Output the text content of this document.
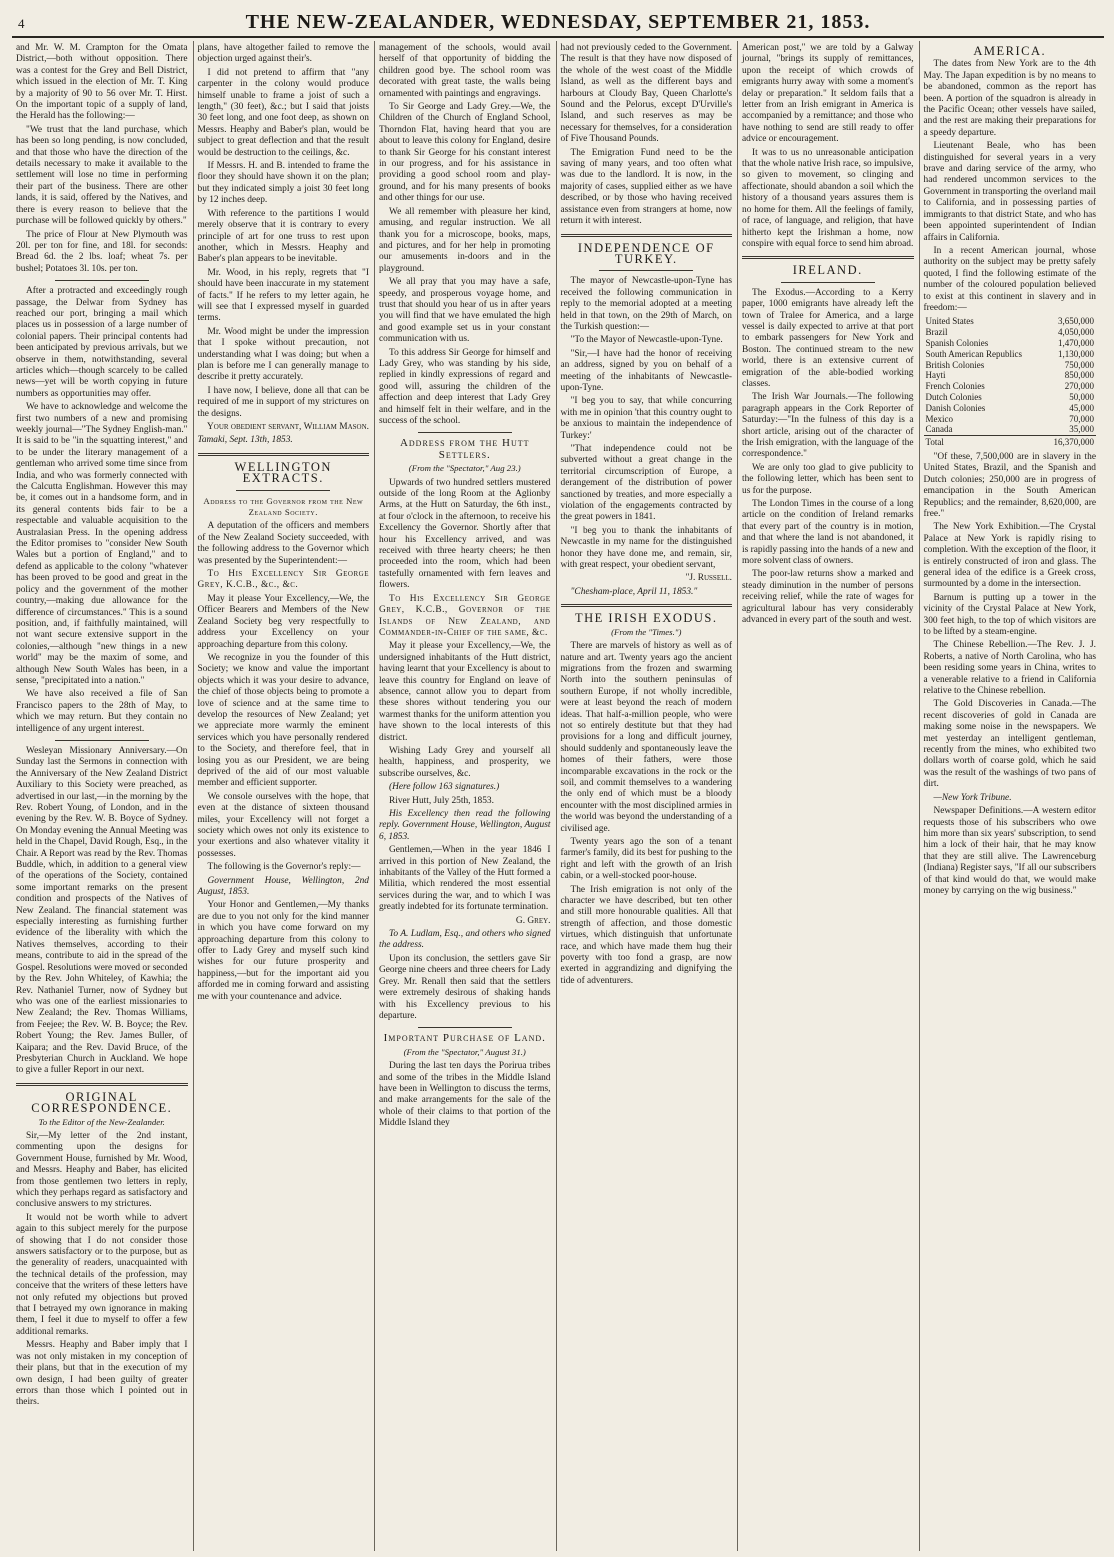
4	THE NEW-ZEALANDER, WEDNESDAY, SEPTEMBER 21, 1853.

and Mr. W. M. Crampton for the Omata District,—both without opposition. There was a contest for the Grey and Bell District, which issued in the election of Mr. T. King by a majority of 90 to 56 over Mr. T. Hirst. On the important topic of a supply of land, the Herald has the following:—

"We trust that the land purchase, which has been so long pending, is now concluded, and that those who have the direction of the details necessary to make it available to the settlement will lose no time in performing their part of the business. There are other lands, it is said, offered by the Natives, and there is every reason to believe that the purchase will be followed quickly by others."

The price of Flour at New Plymouth was 20l. per ton for fine, and 18l. for seconds: Bread 6d. the 2 lbs. loaf; wheat 7s. per bushel; Potatoes 3l. 10s. per ton.

After a protracted and exceedingly rough passage, the Delwar from Sydney has reached our port, bringing a mail which places us in possession of a large number of colonial papers. Their principal contents had been anticipated by previous arrivals, but we observe in them, notwithstanding, several articles which—though scarcely to be called news—yet will be worth copying in future numbers as opportunities may offer.

We have to acknowledge and welcome the first two numbers of a new and promising weekly journal—"The Sydney English-man." It is said to be "in the squatting interest," and to be under the literary management of a gentleman who arrived some time since from India, and who was formerly connected with the Calcutta Englishman. However this may be, it comes out in a handsome form, and in its general contents bids fair to be a respectable and valuable acquisition to the Australasian Press. In the opening address the Editor promises to "consider New South Wales but a portion of England," and to defend as applicable to the colony "whatever has been proved to be good and great in the policy and the government of the mother country,—making due allowance for the difference of circumstances." This is a sound position, and, if faithfully maintained, will not want secure extensive support in the colonies,—although "new things in a new world" may be the maxim of some, and although New South Wales has been, in a sense, "precipitated into a nation."

We have also received a file of San Francisco papers to the 28th of May, to which we may return. But they contain no intelligence of any urgent interest.

Wesleyan Missionary Anniversary.—On Sunday last the Sermons in connection with the Anniversary of the New Zealand District Auxiliary to this Society were preached, as advertised in our last,—in the morning by the Rev. Robert Young, of London, and in the evening by the Rev. W. B. Boyce of Sydney. On Monday evening the Annual Meeting was held in the Chapel, David Rough, Esq., in the Chair. A Report was read by the Rev. Thomas Buddle, which, in addition to a general view of the operations of the Society, contained some important remarks on the present condition and prospects of the Natives of New Zealand. The financial statement was especially interesting as furnishing further evidence of the liberality with which the Natives themselves, according to their means, contribute to aid in the spread of the Gospel. Resolutions were moved or seconded by the Rev. John Whiteley, of Kawhia; the Rev. Nathaniel Turner, now of Sydney but who was one of the earliest missionaries to New Zealand; the Rev. Thomas Williams, from Feejee; the Rev. W. B. Boyce; the Rev. Robert Young; the Rev. James Buller, of Kaipara; and the Rev. David Bruce, of the Presbyterian Church in Auckland. We hope to give a fuller Report in our next.

ORIGINAL CORRESPONDENCE.
To the Editor of the New-Zealander.

Sir,—My letter of the 2nd instant, commenting upon the designs for Government House, furnished by Mr. Wood, and Messrs. Heaphy and Baber, has elicited from those gentlemen two letters in reply, which they perhaps regard as satisfactory and conclusive answers to my strictures.

It would not be worth while to advert again to this subject merely for the purpose of showing that I do not consider those answers satisfactory or to the purpose, but as the generality of readers, unacquainted with the technical details of the profession, may conceive that the writers of these letters have not only refuted my objections but proved that I betrayed my own ignorance in making them, I feel it due to myself to offer a few additional remarks.

Messrs. Heaphy and Baber imply that I was not only mistaken in my conception of their plans, but that in the execution of my own design, I had been guilty of greater errors than those which I pointed out in theirs.

plans, have altogether failed to remove the objection urged against their's.

I did not pretend to affirm that "any carpenter in the colony would produce himself unable to frame a joist of such a length," (30 feet), &c.; but I said that joists 30 feet long, and one foot deep, as shown on Messrs. Heaphy and Baber's plan, would be subject to great deflection and that the result would be destruction to the ceilings, &c.

If Messrs. H. and B. intended to frame the floor they should have shown it on the plan; but they indicated simply a joist 30 feet long by 12 inches deep.

With reference to the partitions I would merely observe that it is contrary to every principle of art for one truss to rest upon another, which in Messrs. Heaphy and Baber's plan appears to be inevitable.

Mr. Wood, in his reply, regrets that "I should have been inaccurate in my statement of facts." If he refers to my letter again, he will see that I expressed myself in guarded terms.

Mr. Wood might be under the impression that I spoke without precaution, not understanding what I was doing; but when a plan is before me I can generally manage to describe it pretty accurately.

I have now, I believe, done all that can be required of me in support of my strictures on the designs.

Your obedient servant, William Mason.

Tamaki, Sept. 13th, 1853.

WELLINGTON EXTRACTS.
Address to the Governor from the New Zealand Society.

A deputation of the officers and members of the New Zealand Society succeeded, with the following address to the Governor which was presented by the Superintendent:—

To His Excellency Sir George Grey, K.C.B., &c., &c.

May it please Your Excellency,—We, the Officer Bearers and Members of the New Zealand Society beg very respectfully to address your Excellency on your approaching departure from this colony.

We recognize in you the founder of this Society; we know and value the important objects which it was your desire to advance, the chief of those objects being to promote a love of science and at the same time to develop the resources of New Zealand; yet we appreciate more warmly the eminent services which you have personally rendered to the Society, and therefore feel, that in losing you as our President, we are being deprived of the aid of our most valuable member and efficient supporter.

We console ourselves with the hope, that even at the distance of sixteen thousand miles, your Excellency will not forget a society which owes not only its existence to your exertions and also whatever vitality it possesses.

The following is the Governor's reply:—

Government House, Wellington, 2nd August, 1853.

Your Honor and Gentlemen,—My thanks are due to you not only for the kind manner in which you have come forward on my approaching departure from this colony to offer to Lady Grey and myself such kind wishes for our future prosperity and happiness,—but for the important aid you afforded me in coming forward and assisting me with your countenance and advice.

management of the schools, would avail herself of that opportunity of bidding the children good bye. The school room was decorated with great taste, the walls being ornamented with paintings and engravings.

To Sir George and Lady Grey.—We, the Children of the Church of England School, Thorndon Flat, having heard that you are about to leave this colony for England, desire to thank Sir George for his constant interest in our progress, and for his assistance in providing a good school room and play-ground, and for his many presents of books and other things for our use.

We all remember with pleasure her kind, amusing, and regular instruction. We all thank you for a microscope, books, maps, and pictures, and for her help in promoting our amusements in-doors and in the playground.

We all pray that you may have a safe, speedy, and prosperous voyage home, and trust that should you hear of us in after years you will find that we have emulated the high and good example set us in your constant communication with us.

To this address Sir George for himself and Lady Grey, who was standing by his side, replied in kindly expressions of regard and good will, assuring the children of the affection and deep interest that Lady Grey and himself felt in their welfare, and in the success of the school.

Address from the Hutt Settlers.
(From the "Spectator," Aug 23.)

Upwards of two hundred settlers mustered outside of the long Room at the Aglionby Arms, at the Hutt on Saturday, the 6th inst., at four o'clock in the afternoon, to receive his Excellency the Governor. Shortly after that hour his Excellency arrived, and was received with three hearty cheers; he then proceeded into the room, which had been tastefully ornamented with fern leaves and flowers.

To His Excellency Sir George Grey, K.C.B., Governor of the Islands of New Zealand, and Commander-in-Chief of the same, &c.

May it please your Excellency,—We, the undersigned inhabitants of the Hutt district, having learnt that your Excellency is about to leave this country for England on leave of absence, cannot allow you to depart from these shores without tendering you our warmest thanks for the uniform attention you have shown to the local interests of this district.

Wishing Lady Grey and yourself all health, happiness, and prosperity, we subscribe ourselves, &c.

(Here follow 163 signatures.)

River Hutt, July 25th, 1853.

His Excellency then read the following reply. Government House, Wellington, August 6, 1853.

Gentlemen,—When in the year 1846 I arrived in this portion of New Zealand, the inhabitants of the Valley of the Hutt formed a Militia, which rendered the most essential services during the war, and to which I was greatly indebted for its fortunate termination.

G. Grey.

To A. Ludlam, Esq., and others who signed the address.

Upon its conclusion, the settlers gave Sir George nine cheers and three cheers for Lady Grey. Mr. Renall then said that the settlers were extremely desirous of shaking hands with his Excellency previous to his departure.

Important Purchase of Land.
(From the "Spectator," August 31.)

During the last ten days the Porirua tribes and some of the tribes in the Middle Island have been in Wellington to discuss the terms, and make arrangements for the sale of the whole of their claims to that portion of the Middle Island they

had not previously ceded to the Government. The result is that they have now disposed of the whole of the west coast of the Middle Island, as well as the different bays and harbours at Cloudy Bay, Queen Charlotte's Sound and the Pelorus, except D'Urville's Island, and such reserves as may be necessary for themselves, for a consideration of Five Thousand Pounds.

The Emigration Fund need to be the saving of many years, and too often what was due to the landlord. It is now, in the majority of cases, supplied either as we have described, or by those who having received assistance even from strangers at home, now return it with interest.

INDEPENDENCE OF TURKEY.

The mayor of Newcastle-upon-Tyne has received the following communication in reply to the memorial adopted at a meeting held in that town, on the 29th of March, on the Turkish question:—

"To the Mayor of Newcastle-upon-Tyne.

"Sir,—I have had the honor of receiving an address, signed by you on behalf of a meeting of the inhabitants of Newcastle-upon-Tyne.

"I beg you to say, that while concurring with me in opinion 'that this country ought to be anxious to maintain the independence of Turkey:'

"That independence could not be subverted without a great change in the territorial circumscription of Europe, a derangement of the distribution of power sanctioned by treaties, and more especially a violation of the engagements contracted by the great powers in 1841.

"I beg you to thank the inhabitants of Newcastle in my name for the distinguished honor they have done me, and remain, sir, with great respect, your obedient servant,

"J. Russell.

"Chesham-place, April 11, 1853."

THE IRISH EXODUS.
(From the "Times.")

There are marvels of history as well as of nature and art. Twenty years ago the ancient migrations from the frozen and swarming North into the southern peninsulas of southern Europe, if not wholly incredible, were at least beyond the reach of modern ideas. That half-a-million people, who were not so entirely destitute but that they had provisions for a long and difficult journey, should suddenly and spontaneously leave the homes of their fathers, were those incomparable excavations in the rock or the soil, and commit themselves to a wandering the only end of which must be a bloody encounter with the most disciplined armies in the world was beyond the understanding of a civilised age.

Twenty years ago the son of a tenant farmer's family, did its best for pushing to the right and left with the growth of an Irish cabin, or a well-stocked poor-house.

The Irish emigration is not only of the character we have described, but ten other and still more honourable qualities. All that strength of affection, and those domestic virtues, which distinguish that unfortunate race, and which have made them hug their poverty with too fond a grasp, are now exerted in aggrandizing and dignifying the tide of adventurers.

American post," we are told by a Galway journal, "brings its supply of remittances, upon the receipt of which crowds of emigrants hurry away with some a moment's delay or preparation." It seldom fails that a letter from an Irish emigrant in America is accompanied by a remittance; and those who have nothing to send are still ready to offer advice or encouragement.

It was to us no unreasonable anticipation that the whole native Irish race, so impulsive, so given to movement, so clinging and affectionate, should abandon a soil which the history of a thousand years assures them is no home for them. All the feelings of family, of race, of language, and religion, that have hitherto kept the Irishman a home, now conspire with equal force to send him abroad.

IRELAND.

The Exodus.—According to a Kerry paper, 1000 emigrants have already left the town of Tralee for America, and a large vessel is daily expected to arrive at that port to embark passengers for New York and Boston. The continued stream to the new world, there is an extensive current of emigration of the able-bodied working classes.

The Irish War Journals.—The following paragraph appears in the Cork Reporter of Saturday:—"In the fulness of this day is a short article, arising out of the character of the Irish emigration, with the language of the correspondence."

We are only too glad to give publicity to the following letter, which has been sent to us for the purpose.

The London Times in the course of a long article on the condition of Ireland remarks that every part of the country is in motion, and that where the land is not abandoned, it is rapidly passing into the hands of a new and more solvent class of owners.

The poor-law returns show a marked and steady diminution in the number of persons receiving relief, while the rate of wages for agricultural labour has very considerably advanced in every part of the south and west.

AMERICA.

The dates from New York are to the 4th May. The Japan expedition is by no means to be abandoned, common as the report has been. A portion of the squadron is already in the Pacific Ocean; other vessels have sailed, and the rest are making their preparations for a speedy departure.

Lieutenant Beale, who has been distinguished for several years in a very brave and daring service of the army, who had rendered uncommon services to the Government in transporting the overland mail to California, and in possessing parties of immigrants to that district State, and who has been appointed superintendent of Indian affairs in California.

In a recent American journal, whose authority on the subject may be pretty safely quoted, I find the following estimate of the number of the coloured population believed to exist at this continent in slavery and in freedom:—

United States	3,650,000
Brazil	4,050,000
Spanish Colonies	1,470,000
South American Republics	1,130,000
British Colonies	750,000
Hayti	850,000
French Colonies	270,000
Dutch Colonies	50,000
Danish Colonies	45,000
Mexico	70,000
Canada	35,000
Total	16,370,000

"Of these, 7,500,000 are in slavery in the United States, Brazil, and the Spanish and Dutch colonies; 250,000 are in progress of emancipation in the South American Republics; and the remainder, 8,620,000, are free."

The New York Exhibition.—The Crystal Palace at New York is rapidly rising to completion. With the exception of the floor, it is entirely constructed of iron and glass. The general idea of the edifice is a Greek cross, surmounted by a dome in the intersection.

Barnum is putting up a tower in the vicinity of the Crystal Palace at New York, 300 feet high, to the top of which visitors are to be lifted by a steam-engine.

The Chinese Rebellion.—The Rev. J. J. Roberts, a native of North Carolina, who has been residing some years in China, writes to a venerable relative to a friend in California relative to the Chinese rebellion.

The Gold Discoveries in Canada.—The recent discoveries of gold in Canada are making some noise in the newspapers. We met yesterday an intelligent gentleman, recently from the mines, who exhibited two dollars worth of coarse gold, which he said was the result of the washings of two pans of dirt.

—New York Tribune.

Newspaper Definitions.—A western editor requests those of his subscribers who owe him more than six years' subscription, to send him a lock of their hair, that he may know that they are still alive. The Lawrenceburg (Indiana) Register says, "If all our subscribers of that kind would do that, we would make money by carrying on the wig business."
